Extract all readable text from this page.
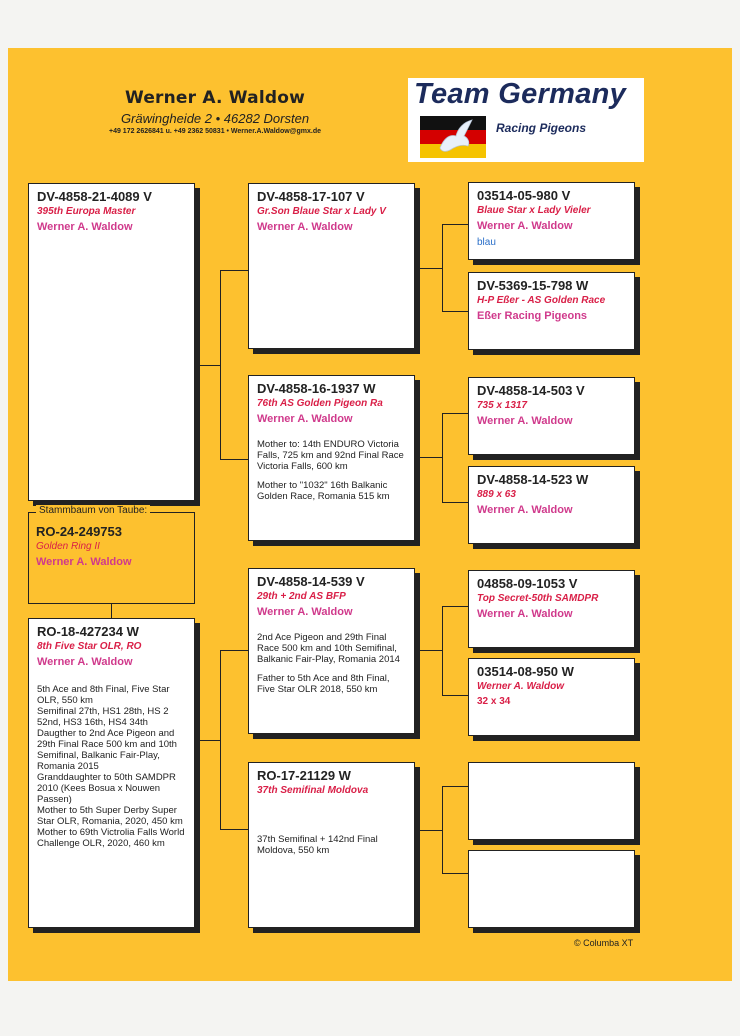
Werner A. Waldow
Gräwingheide 2 • 46282 Dorsten
+49 172 2626841 u. +49 2362 50831 • Werner.A.Waldow@gmx.de
Team Germany
Racing Pigeons
DV-4858-21-4089 V
395th Europa Master
Werner A. Waldow
Stammbaum von Taube:
RO-24-249753
Golden Ring II
Werner A. Waldow
RO-18-427234 W
8th Five Star OLR, RO
Werner A. Waldow
5th Ace and 8th Final, Five Star OLR, 550 km
Semifinal 27th, HS1 28th, HS 2 52nd, HS3 16th, HS4 34th
Daugther to 2nd Ace Pigeon and 29th Final Race 500 km and 10th Semifinal, Balkanic Fair-Play, Romania 2015
Granddaughter to 50th SAMDPR 2010 (Kees Bosua x Nouwen Passen)
Mother to 5th Super Derby Super Star OLR, Romania, 2020, 450 km
Mother to 69th Victrolia Falls World Challenge OLR, 2020, 460 km
DV-4858-17-107 V
Gr.Son Blaue Star x Lady V
Werner A. Waldow
DV-4858-16-1937 W
76th AS Golden Pigeon Ra
Werner A. Waldow
Mother to: 14th ENDURO Victoria Falls, 725 km and 92nd Final Race Victoria Falls, 600 km
Mother to "1032" 16th Balkanic Golden Race, Romania 515 km
DV-4858-14-539 V
29th + 2nd AS BFP
Werner A. Waldow
2nd Ace Pigeon and 29th Final Race 500 km and 10th Semifinal, Balkanic Fair-Play, Romania 2014
Father to 5th Ace and 8th Final, Five Star OLR 2018, 550 km
RO-17-21129 W
37th Semifinal Moldova
37th Semifinal + 142nd Final Moldova, 550 km
03514-05-980 V
Blaue Star x Lady Vieler
Werner A. Waldow
blau
DV-5369-15-798 W
H-P Eßer - AS Golden Race
Eßer Racing Pigeons
DV-4858-14-503 V
735 x 1317
Werner A. Waldow
DV-4858-14-523 W
889 x 63
Werner A. Waldow
04858-09-1053 V
Top Secret-50th SAMDPR
Werner A. Waldow
03514-08-950 W
Werner A. Waldow
32 x 34
© Columba XT
